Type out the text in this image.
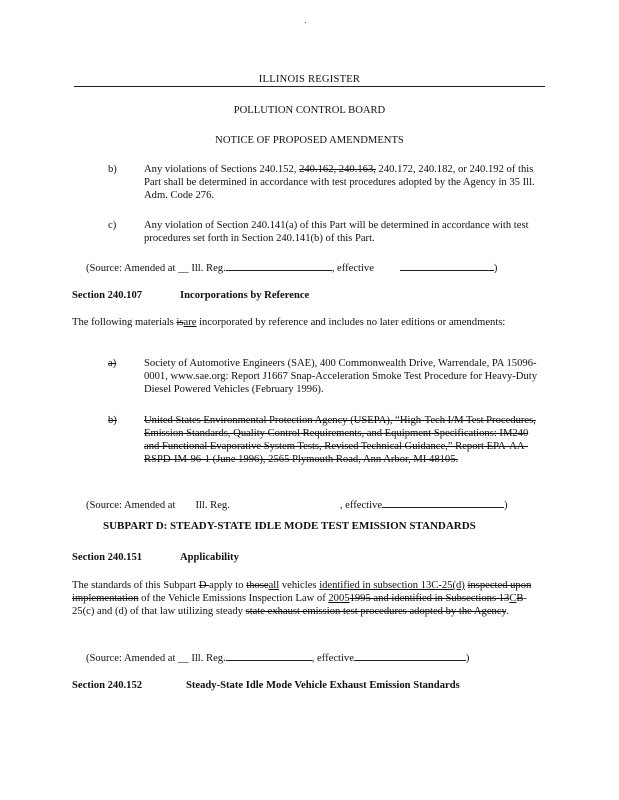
ILLINOIS REGISTER
POLLUTION CONTROL BOARD
NOTICE OF PROPOSED AMENDMENTS
b)	Any violations of Sections 240.152, 240.162, 240.163, 240.172, 240.182, or 240.192 of this Part shall be determined in accordance with test procedures adopted by the Agency in 35 Ill. Adm. Code 276.
c)	Any violation of Section 240.141(a) of this Part will be determined in accordance with test procedures set forth in Section 240.141(b) of this Part.
(Source: Amended at __ Ill. Reg.	, effective	)
Section 240.107	Incorporations by Reference
The following materials isare incorporated by reference and includes no later editions or amendments:
a)	Society of Automotive Engineers (SAE), 400 Commonwealth Drive, Warrendale, PA 15096-0001, www.sae.org: Report J1667 Snap-Acceleration Smoke Test Procedure for Heavy-Duty Diesel Powered Vehicles (February 1996).
b)	United States Environmental Protection Agency (USEPA), “High-Tech I/M Test Procedures, Emission Standards, Quality Control Requirements, and Equipment Specifications: IM240 and Functional Evaporative System Tests, Revised Technical Guidance,” Report EPA-AA-RSPD-IM-96-1 (June 1996), 2565 Plymouth Road, Ann Arbor, MI 48105.
(Source: Amended at Ill. Reg.	, effective	)
SUBPART D: STEADY-STATE IDLE MODE TEST EMISSION STANDARDS
Section 240.151	Applicability
The standards of this Subpart D apply to thoseall vehicles identified in subsection 13C-25(d) inspected upon implementation of the Vehicle Emissions Inspection Law of 20051995 and identified in Subsections 13CB-25(c) and (d) of that law utilizing steady state exhaust emission test procedures adopted by the Agency.
(Source: Amended at __ Ill. Reg.	, effective	)
Section 240.152	Steady-State Idle Mode Vehicle Exhaust Emission Standards
